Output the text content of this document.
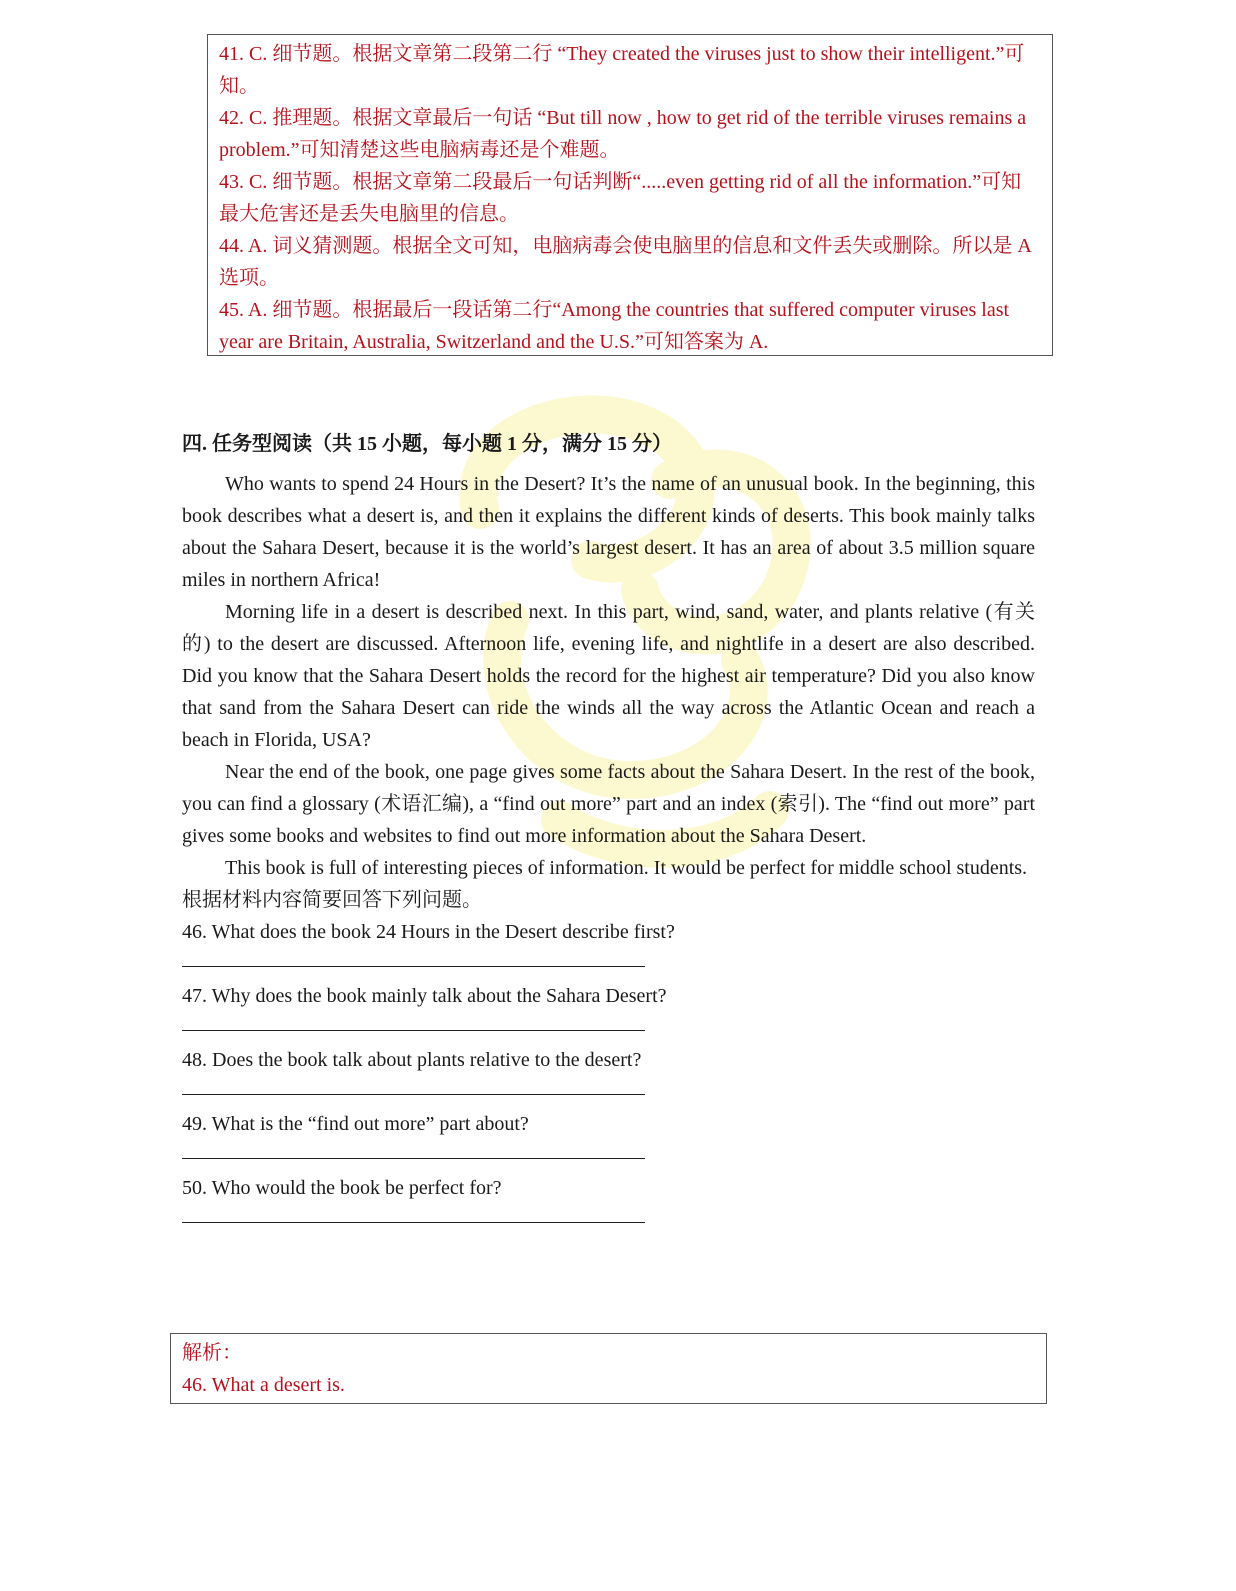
41. C. 细节题。根据文章第二段第二行 “They created the viruses just to show their intelligent.”可知。

42. C. 推理题。根据文章最后一句话 “But till now , how to get rid of the terrible viruses remains a problem.”可知清楚这些电脑病毒还是个难题。

43. C. 细节题。根据文章第二段最后一句话判断“.....even getting rid of all the information.”可知最大危害还是丢失电脑里的信息。

44. A. 词义猜测题。根据全文可知，电脑病毒会使电脑里的信息和文件丢失或删除。所以是 A 选项。

45. A. 细节题。根据最后一段话第二行“Among the countries that suffered computer viruses last year are Britain, Australia, Switzerland and the U.S.”可知答案为 A.

四. 任务型阅读（共 15 小题，每小题 1 分，满分 15 分）

Who wants to spend 24 Hours in the Desert? It’s the name of an unusual book. In the beginning, this book describes what a desert is, and then it explains the different kinds of deserts. This book mainly talks about the Sahara Desert, because it is the world’s largest desert. It has an area of about 3.5 million square miles in northern Africa!

Morning life in a desert is described next. In this part, wind, sand, water, and plants relative (有关的) to the desert are discussed. Afternoon life, evening life, and nightlife in a desert are also described. Did you know that the Sahara Desert holds the record for the highest air temperature? Did you also know that sand from the Sahara Desert can ride the winds all the way across the Atlantic Ocean and reach a beach in Florida, USA?

Near the end of the book, one page gives some facts about the Sahara Desert. In the rest of the book, you can find a glossary (术语汇编), a “find out more” part and an index (索引). The “find out more” part gives some books and websites to find out more information about the Sahara Desert.

This book is full of interesting pieces of information. It would be perfect for middle school students.

根据材料内容简要回答下列问题。

46. What does the book 24 Hours in the Desert describe first?

47. Why does the book mainly talk about the Sahara Desert?

48. Does the book talk about plants relative to the desert?

49. What is the “find out more” part about?

50. Who would the book be perfect for?

解析：

46. What a desert is.
